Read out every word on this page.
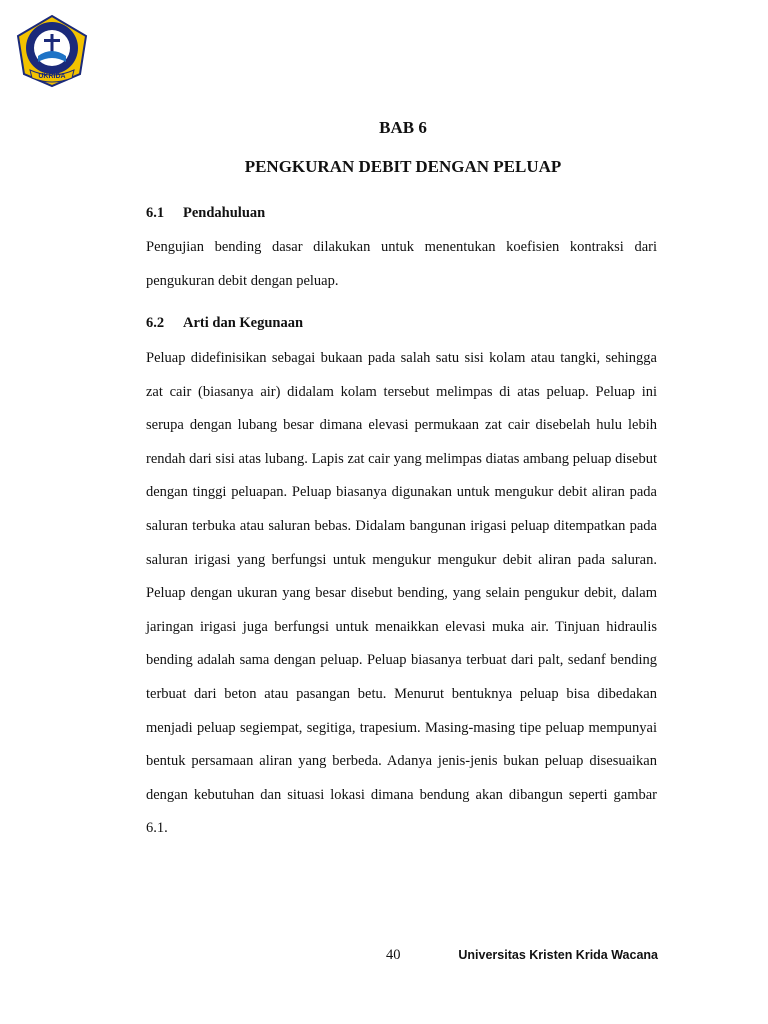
UKRIDA
BAB 6
PENGKURAN DEBIT DENGAN PELUAP
6.1 Pendahuluan

Pengujian bending dasar dilakukan untuk menentukan koefisien kontraksi dari pengukuran debit dengan peluap.

6.2 Arti dan Kegunaan

Peluap didefinisikan sebagai bukaan pada salah satu sisi kolam atau tangki, sehingga zat cair (biasanya air) didalam kolam tersebut melimpas di atas peluap. Peluap ini serupa dengan lubang besar dimana elevasi permukaan zat cair disebelah hulu lebih rendah dari sisi atas lubang. Lapis zat cair yang melimpas diatas ambang peluap disebut dengan tinggi peluapan. Peluap biasanya digunakan untuk mengukur debit aliran pada saluran terbuka atau saluran bebas. Didalam bangunan irigasi peluap ditempatkan pada saluran irigasi yang berfungsi untuk mengukur mengukur debit aliran pada saluran. Peluap dengan ukuran yang besar disebut bending, yang selain pengukur debit, dalam jaringan irigasi juga berfungsi untuk menaikkan elevasi muka air. Tinjuan hidraulis bending adalah sama dengan peluap. Peluap biasanya terbuat dari palt, sedanf bending terbuat dari beton atau pasangan betu. Menurut bentuknya peluap bisa dibedakan menjadi peluap segiempat, segitiga, trapesium. Masing-masing tipe peluap mempunyai bentuk persamaan aliran yang berbeda. Adanya jenis-jenis bukan peluap disesuaikan dengan kebutuhan dan situasi lokasi dimana bendung akan dibangun seperti gambar 6.1.

40	Universitas Kristen Krida Wacana
